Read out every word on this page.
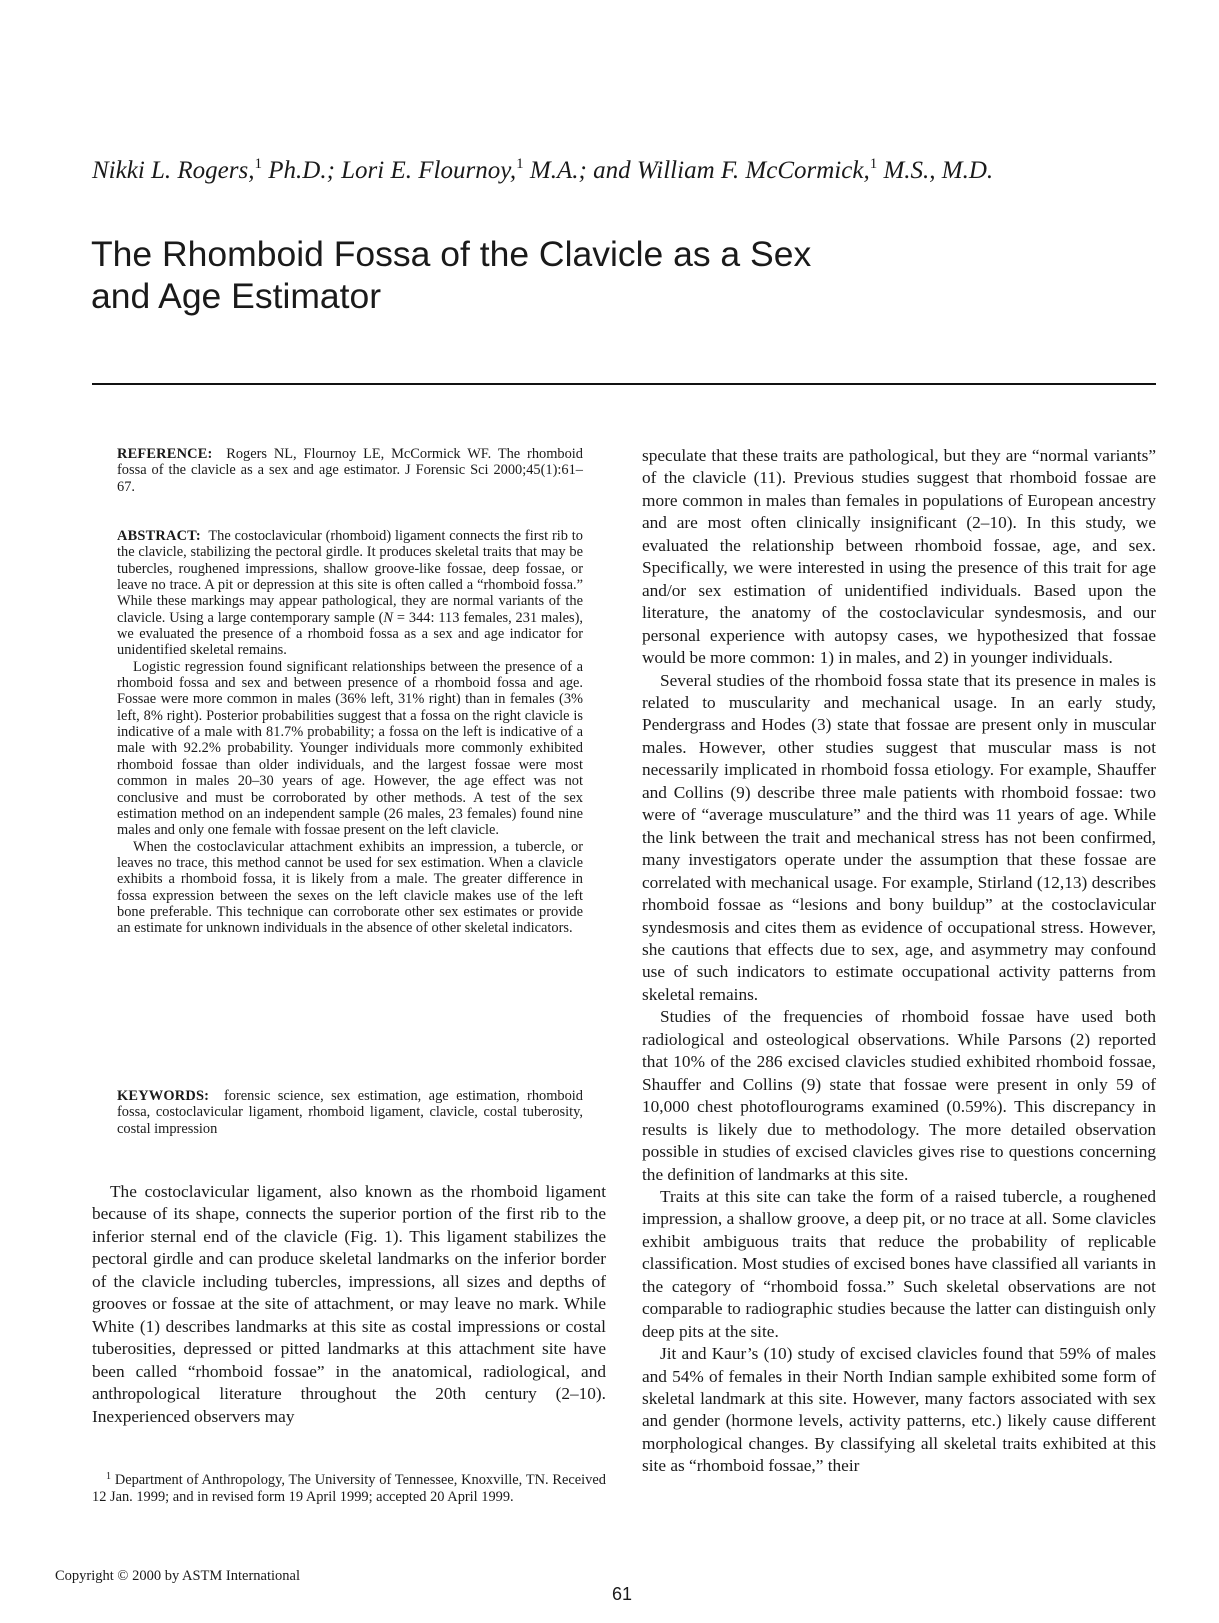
Nikki L. Rogers,$^1$ Ph.D.; Lori E. Flournoy,$^1$ M.A.; and William F. McCormick,$^1$ M.S., M.D.
The Rhomboid Fossa of the Clavicle as a Sex
and Age Estimator

REFERENCE: Rogers NL, Flournoy LE, McCormick WF. The rhomboid fossa of the clavicle as a sex and age estimator. J Forensic Sci 2000;45(1):61–67.

ABSTRACT: The costoclavicular (rhomboid) ligament connects the first rib to the clavicle, stabilizing the pectoral girdle. It produces skeletal traits that may be tubercles, roughened impressions, shallow groove-like fossae, deep fossae, or leave no trace. A pit or depression at this site is often called a “rhomboid fossa.” While these markings may appear pathological, they are normal variants of the clavicle. Using a large contemporary sample (N = 344: 113 females, 231 males), we evaluated the presence of a rhomboid fossa as a sex and age indicator for unidentified skeletal remains.

Logistic regression found significant relationships between the presence of a rhomboid fossa and sex and between presence of a rhomboid fossa and age. Fossae were more common in males (36% left, 31% right) than in females (3% left, 8% right). Posterior probabilities suggest that a fossa on the right clavicle is indicative of a male with 81.7% probability; a fossa on the left is indicative of a male with 92.2% probability. Younger individuals more commonly exhibited rhomboid fossae than older individuals, and the largest fossae were most common in males 20–30 years of age. However, the age effect was not conclusive and must be corroborated by other methods. A test of the sex estimation method on an independent sample (26 males, 23 females) found nine males and only one female with fossae present on the left clavicle.

When the costoclavicular attachment exhibits an impression, a tubercle, or leaves no trace, this method cannot be used for sex estimation. When a clavicle exhibits a rhomboid fossa, it is likely from a male. The greater difference in fossa expression between the sexes on the left clavicle makes use of the left bone preferable. This technique can corroborate other sex estimates or provide an estimate for unknown individuals in the absence of other skeletal indicators.

KEYWORDS: forensic science, sex estimation, age estimation, rhomboid fossa, costoclavicular ligament, rhomboid ligament, clavicle, costal tuberosity, costal impression

The costoclavicular ligament, also known as the rhomboid ligament because of its shape, connects the superior portion of the first rib to the inferior sternal end of the clavicle (Fig. 1). This ligament stabilizes the pectoral girdle and can produce skeletal landmarks on the inferior border of the clavicle including tubercles, impressions, all sizes and depths of grooves or fossae at the site of attachment, or may leave no mark. While White (1) describes landmarks at this site as costal impressions or costal tuberosities, depressed or pitted landmarks at this attachment site have been called “rhomboid fossae” in the anatomical, radiological, and anthropological literature throughout the 20th century (2–10). Inexperienced observers may

speculate that these traits are pathological, but they are “normal variants” of the clavicle (11). Previous studies suggest that rhomboid fossae are more common in males than females in populations of European ancestry and are most often clinically insignificant (2–10). In this study, we evaluated the relationship between rhomboid fossae, age, and sex. Specifically, we were interested in using the presence of this trait for age and/or sex estimation of unidentified individuals. Based upon the literature, the anatomy of the costoclavicular syndesmosis, and our personal experience with autopsy cases, we hypothesized that fossae would be more common: 1) in males, and 2) in younger individuals.

Several studies of the rhomboid fossa state that its presence in males is related to muscularity and mechanical usage. In an early study, Pendergrass and Hodes (3) state that fossae are present only in muscular males. However, other studies suggest that muscular mass is not necessarily implicated in rhomboid fossa etiology. For example, Shauffer and Collins (9) describe three male patients with rhomboid fossae: two were of “average musculature” and the third was 11 years of age. While the link between the trait and mechanical stress has not been confirmed, many investigators operate under the assumption that these fossae are correlated with mechanical usage. For example, Stirland (12,13) describes rhomboid fossae as “lesions and bony buildup” at the costoclavicular syndesmosis and cites them as evidence of occupational stress. However, she cautions that effects due to sex, age, and asymmetry may confound use of such indicators to estimate occupational activity patterns from skeletal remains.

Studies of the frequencies of rhomboid fossae have used both radiological and osteological observations. While Parsons (2) reported that 10% of the 286 excised clavicles studied exhibited rhomboid fossae, Shauffer and Collins (9) state that fossae were present in only 59 of 10,000 chest photoflourograms examined (0.59%). This discrepancy in results is likely due to methodology. The more detailed observation possible in studies of excised clavicles gives rise to questions concerning the definition of landmarks at this site.

Traits at this site can take the form of a raised tubercle, a roughened impression, a shallow groove, a deep pit, or no trace at all. Some clavicles exhibit ambiguous traits that reduce the probability of replicable classification. Most studies of excised bones have classified all variants in the category of “rhomboid fossa.” Such skeletal observations are not comparable to radiographic studies because the latter can distinguish only deep pits at the site.

Jit and Kaur’s (10) study of excised clavicles found that 59% of males and 54% of females in their North Indian sample exhibited some form of skeletal landmark at this site. However, many factors associated with sex and gender (hormone levels, activity patterns, etc.) likely cause different morphological changes. By classifying all skeletal traits exhibited at this site as “rhomboid fossae,” their

$^1$ Department of Anthropology, The University of Tennessee, Knoxville, TN. Received 12 Jan. 1999; and in revised form 19 April 1999; accepted 20 April 1999.

Copyright © 2000 by ASTM International
61
